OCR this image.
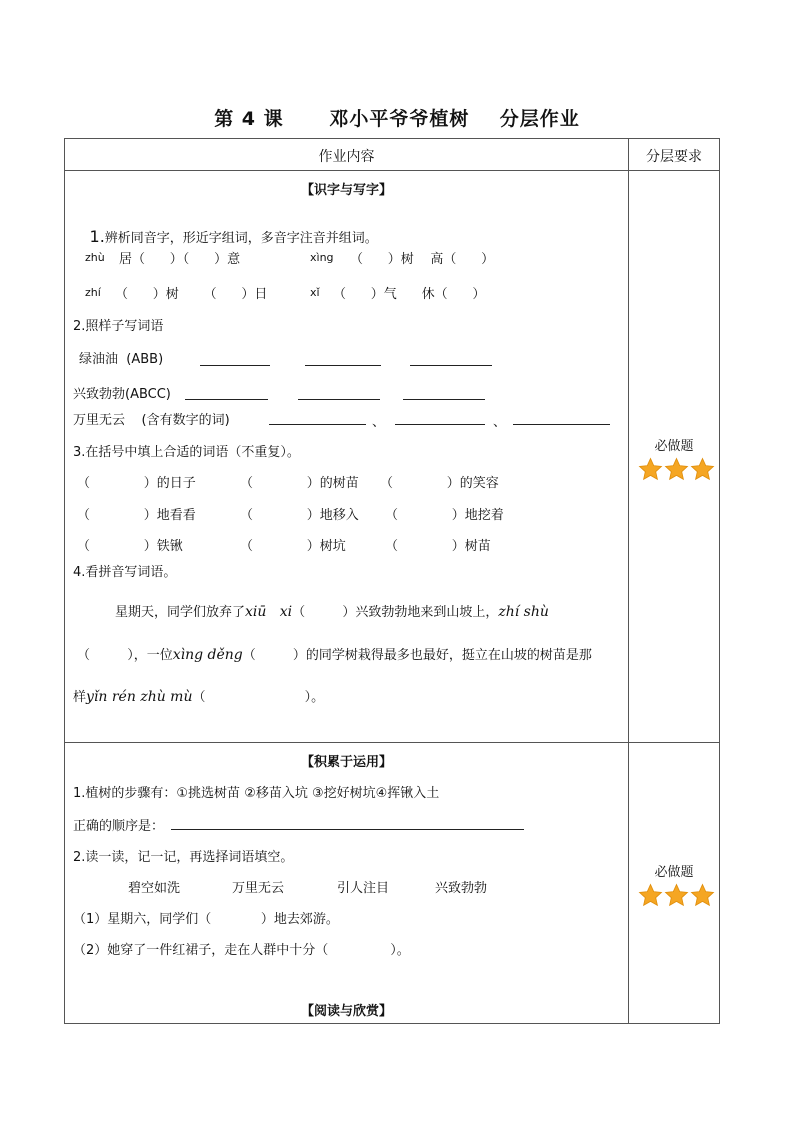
第 4 课      邓小平爷爷植树    分层作业
作业内容	分层要求
【识字与写字】

1.辨析同音字，形近字组词，多音字注音并组词。

zhù 居（      ）（      ）意	xìng （      ）树    高（      ）
zhí （      ）树      （      ）日	xǐ （      ）气      休（      ）
2.照样子写词语
绿油油  (ABB)
兴致勃勃(ABCC)
万里无云    (含有数字的词)	、	、
3.在括号中填上合适的词语（不重复）。
（             ）的日子	（             ）的树苗 （             ）的笑容
（             ）地看看	（             ）地移入 （             ）地挖着
（             ）铁锹	（             ）树坑	（             ）树苗
4.看拼音写词语。
星期天，同学们放弃了xiū   xi（         ）兴致勃勃地来到山坡上，zhí shù
（         ），一位xìng děng（         ）的同学树栽得最多也最好，挺立在山坡的树苗是那
样yǐn rén zhù mù（                        ）。
必做题
【积累于运用】
1.植树的步骤有：①挑选树苗 ②移苗入坑 ③挖好树坑④挥锹入土
正确的顺序是：
2.读一读，记一记，再选择词语填空。
碧空如洗	万里无云	引人注目	兴致勃勃
（1）星期六，同学们（            ）地去郊游。
（2）她穿了一件红裙子，走在人群中十分（               ）。
【阅读与欣赏】
必做题
